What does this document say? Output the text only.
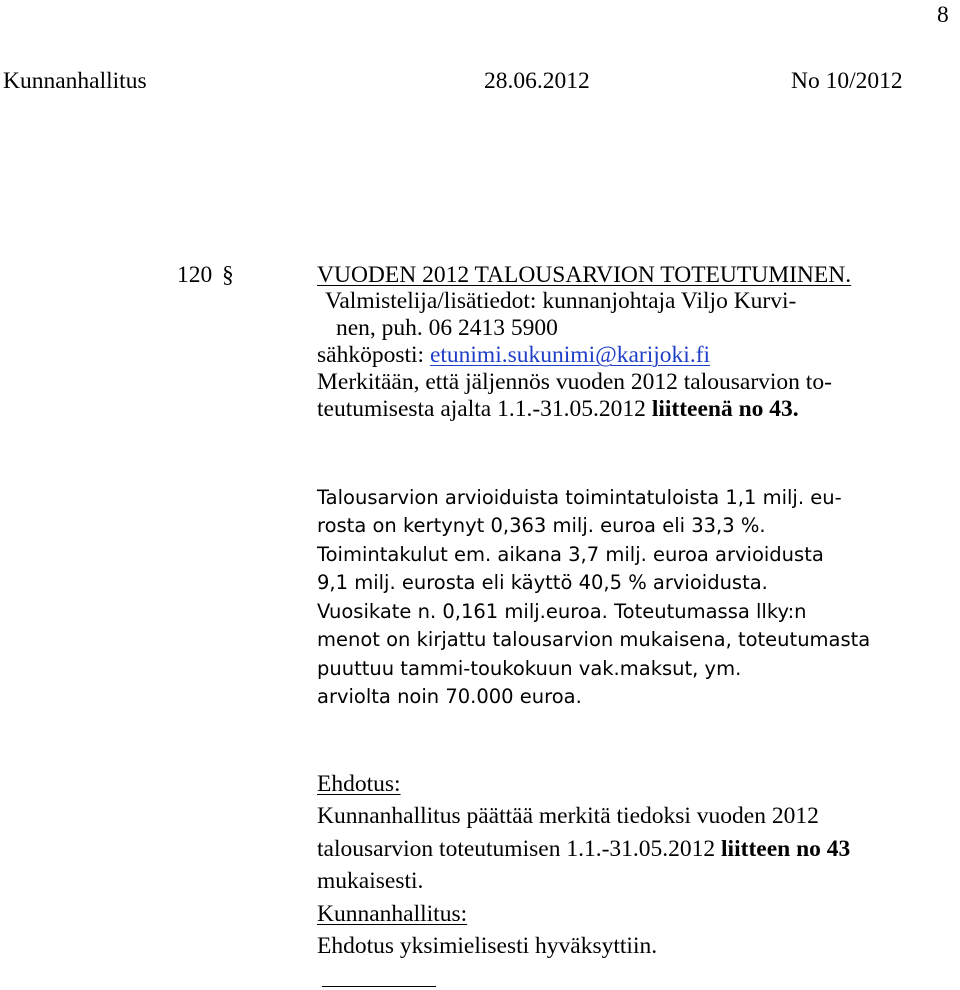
8
Kunnanhallitus	28.06.2012	No 10/2012
120 §	VUODEN 2012 TALOUSARVION TOTEUTUMINEN.
Valmistelija/lisätiedot: kunnanjohtaja Viljo Kurvi-
nen, puh. 06 2413 5900
sähköposti: etunimi.sukunimi@karijoki.fi
Merkitään, että jäljennös vuoden 2012 talousarvion to-
teutumisesta ajalta 1.1.-31.05.2012 liitteenä no 43.
Talousarvion arvioiduista toimintatuloista 1,1 milj. eu-
rosta on kertynyt 0,363 milj. euroa eli 33,3 %.
Toimintakulut em. aikana 3,7 milj. euroa arvioidusta
9,1 milj. eurosta eli käyttö 40,5 % arvioidusta.
Vuosikate n. 0,161 milj.euroa. Toteutumassa llky:n
menot on kirjattu talousarvion mukaisena, toteutumasta
puuttuu tammi-toukokuun vak.maksut, ym.
arviolta noin 70.000 euroa.
Ehdotus:
Kunnanhallitus päättää merkitä tiedoksi vuoden 2012
talousarvion toteutumisen 1.1.-31.05.2012 liitteen no 43
mukaisesti.
Kunnanhallitus:
Ehdotus yksimielisesti hyväksyttiin.
